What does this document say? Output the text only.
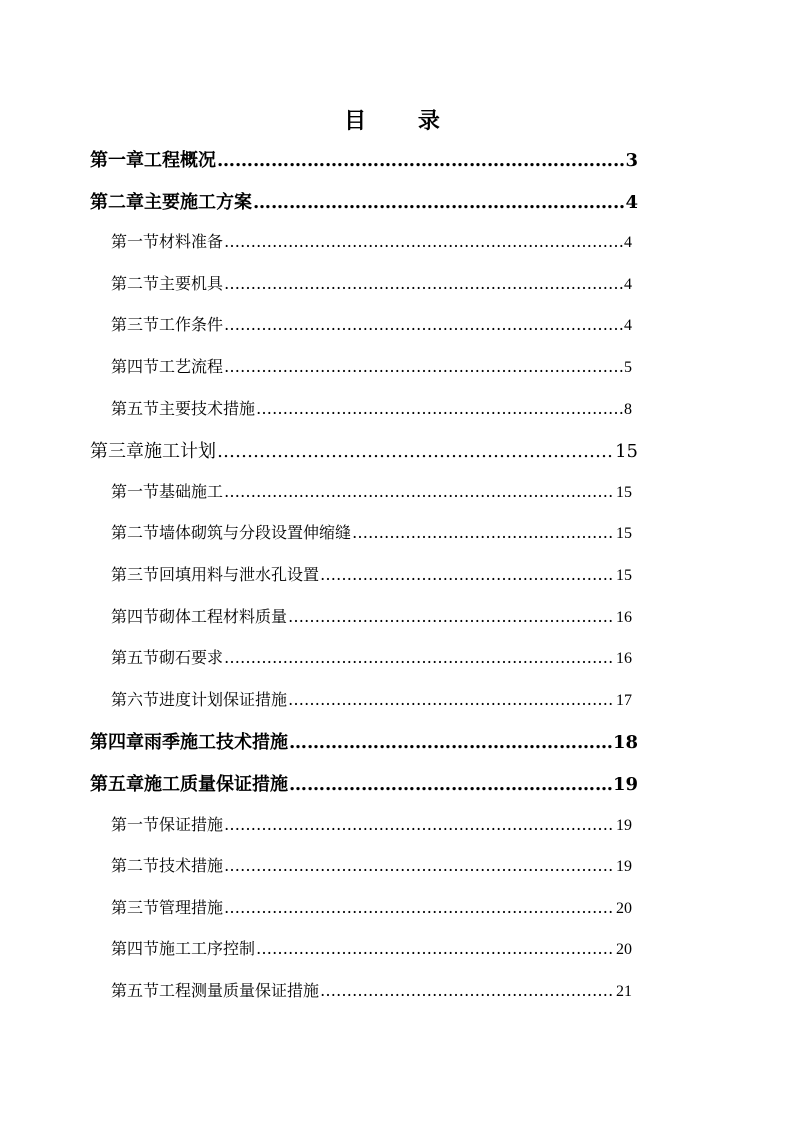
目 录
第一章 工程概况 …………………………………………………………………………………………………………………………	3
第二章 主要施工方案 …………………………………………………………………………………………………………………………	4
第一节 材料准备 …………………………………………………………………………………………………………………………	4
第二节 主要机具 …………………………………………………………………………………………………………………………	4
第三节 工作条件 …………………………………………………………………………………………………………………………	4
第四节 工艺流程 …………………………………………………………………………………………………………………………	5
第五节 主要技术措施 …………………………………………………………………………………………………………………………	8
第三章 施工计划 …………………………………………………………………………………………………………………………	15
第一节 基础施工 …………………………………………………………………………………………………………………………	15
第二节 墙体砌筑与分段设置伸缩缝 …………………………………………………………………………………………………………………………	15
第三节 回填用料与泄水孔设置 …………………………………………………………………………………………………………………………	15
第四节 砌体工程材料质量 …………………………………………………………………………………………………………………………	16
第五节 砌石要求 …………………………………………………………………………………………………………………………	16
第六节 进度计划保证措施 …………………………………………………………………………………………………………………………	17
第四章 雨季施工技术措施 …………………………………………………………………………………………………………………………	18
第五章 施工质量保证措施 …………………………………………………………………………………………………………………………	19
第一节 保证措施 …………………………………………………………………………………………………………………………	19
第二节 技术措施 …………………………………………………………………………………………………………………………	19
第三节 管理措施 …………………………………………………………………………………………………………………………	20
第四节 施工工序控制 …………………………………………………………………………………………………………………………	20
第五节 工程测量质量保证措施 …………………………………………………………………………………………………………………………	21
